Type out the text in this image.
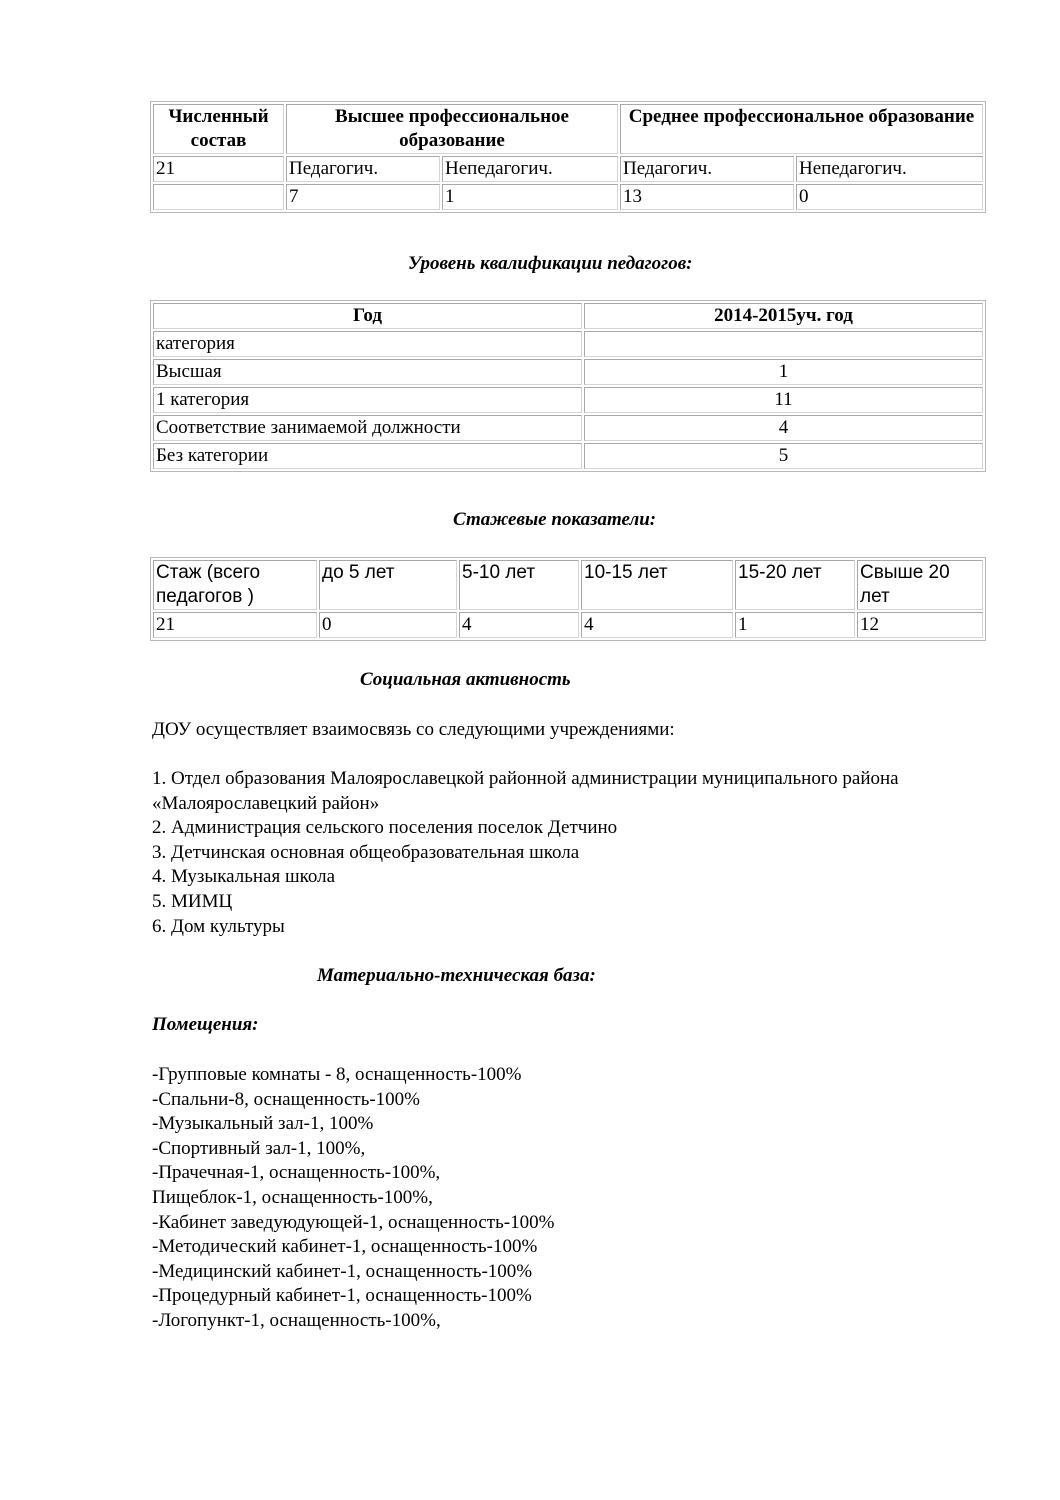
Численный состав	Высшее профессиональное образование		Среднее профессиональное образование	
21	Педагогич.	Непедагогич.	Педагогич.	Непедагогич.
	7	1	13	0
Уровень квалификации педагогов:
Год	2014-2015уч. год
категория	
Высшая	1
1 категория	11
Соответствие занимаемой должности	4
Без категории	5
Стажевые показатели:
Стаж (всего педагогов )	до 5 лет	5-10 лет	10-15 лет	15-20 лет	Свыше 20 лет
21	0	4	4	1	12
Социальная активность
ДОУ осуществляет взаимосвязь со следующими учреждениями:
1. Отдел образования Малоярославецкой районной администрации муниципального района «Малоярославецкий район»
2. Администрация сельского поселения поселок Детчино
3. Детчинская основная общеобразовательная школа
4. Музыкальная школа
5. МИМЦ
6. Дом культуры
Материально-техническая база:
Помещения:
-Групповые комнаты - 8, оснащенность-100%
-Спальни-8, оснащенность-100%
-Музыкальный зал-1, 100%
-Спортивный зал-1, 100%,
-Прачечная-1, оснащенность-100%,
Пищеблок-1, оснащенность-100%,
-Кабинет заведуюдующей-1, оснащенность-100%
-Методический кабинет-1, оснащенность-100%
-Медицинский кабинет-1, оснащенность-100%
-Процедурный кабинет-1, оснащенность-100%
-Логопункт-1, оснащенность-100%,
